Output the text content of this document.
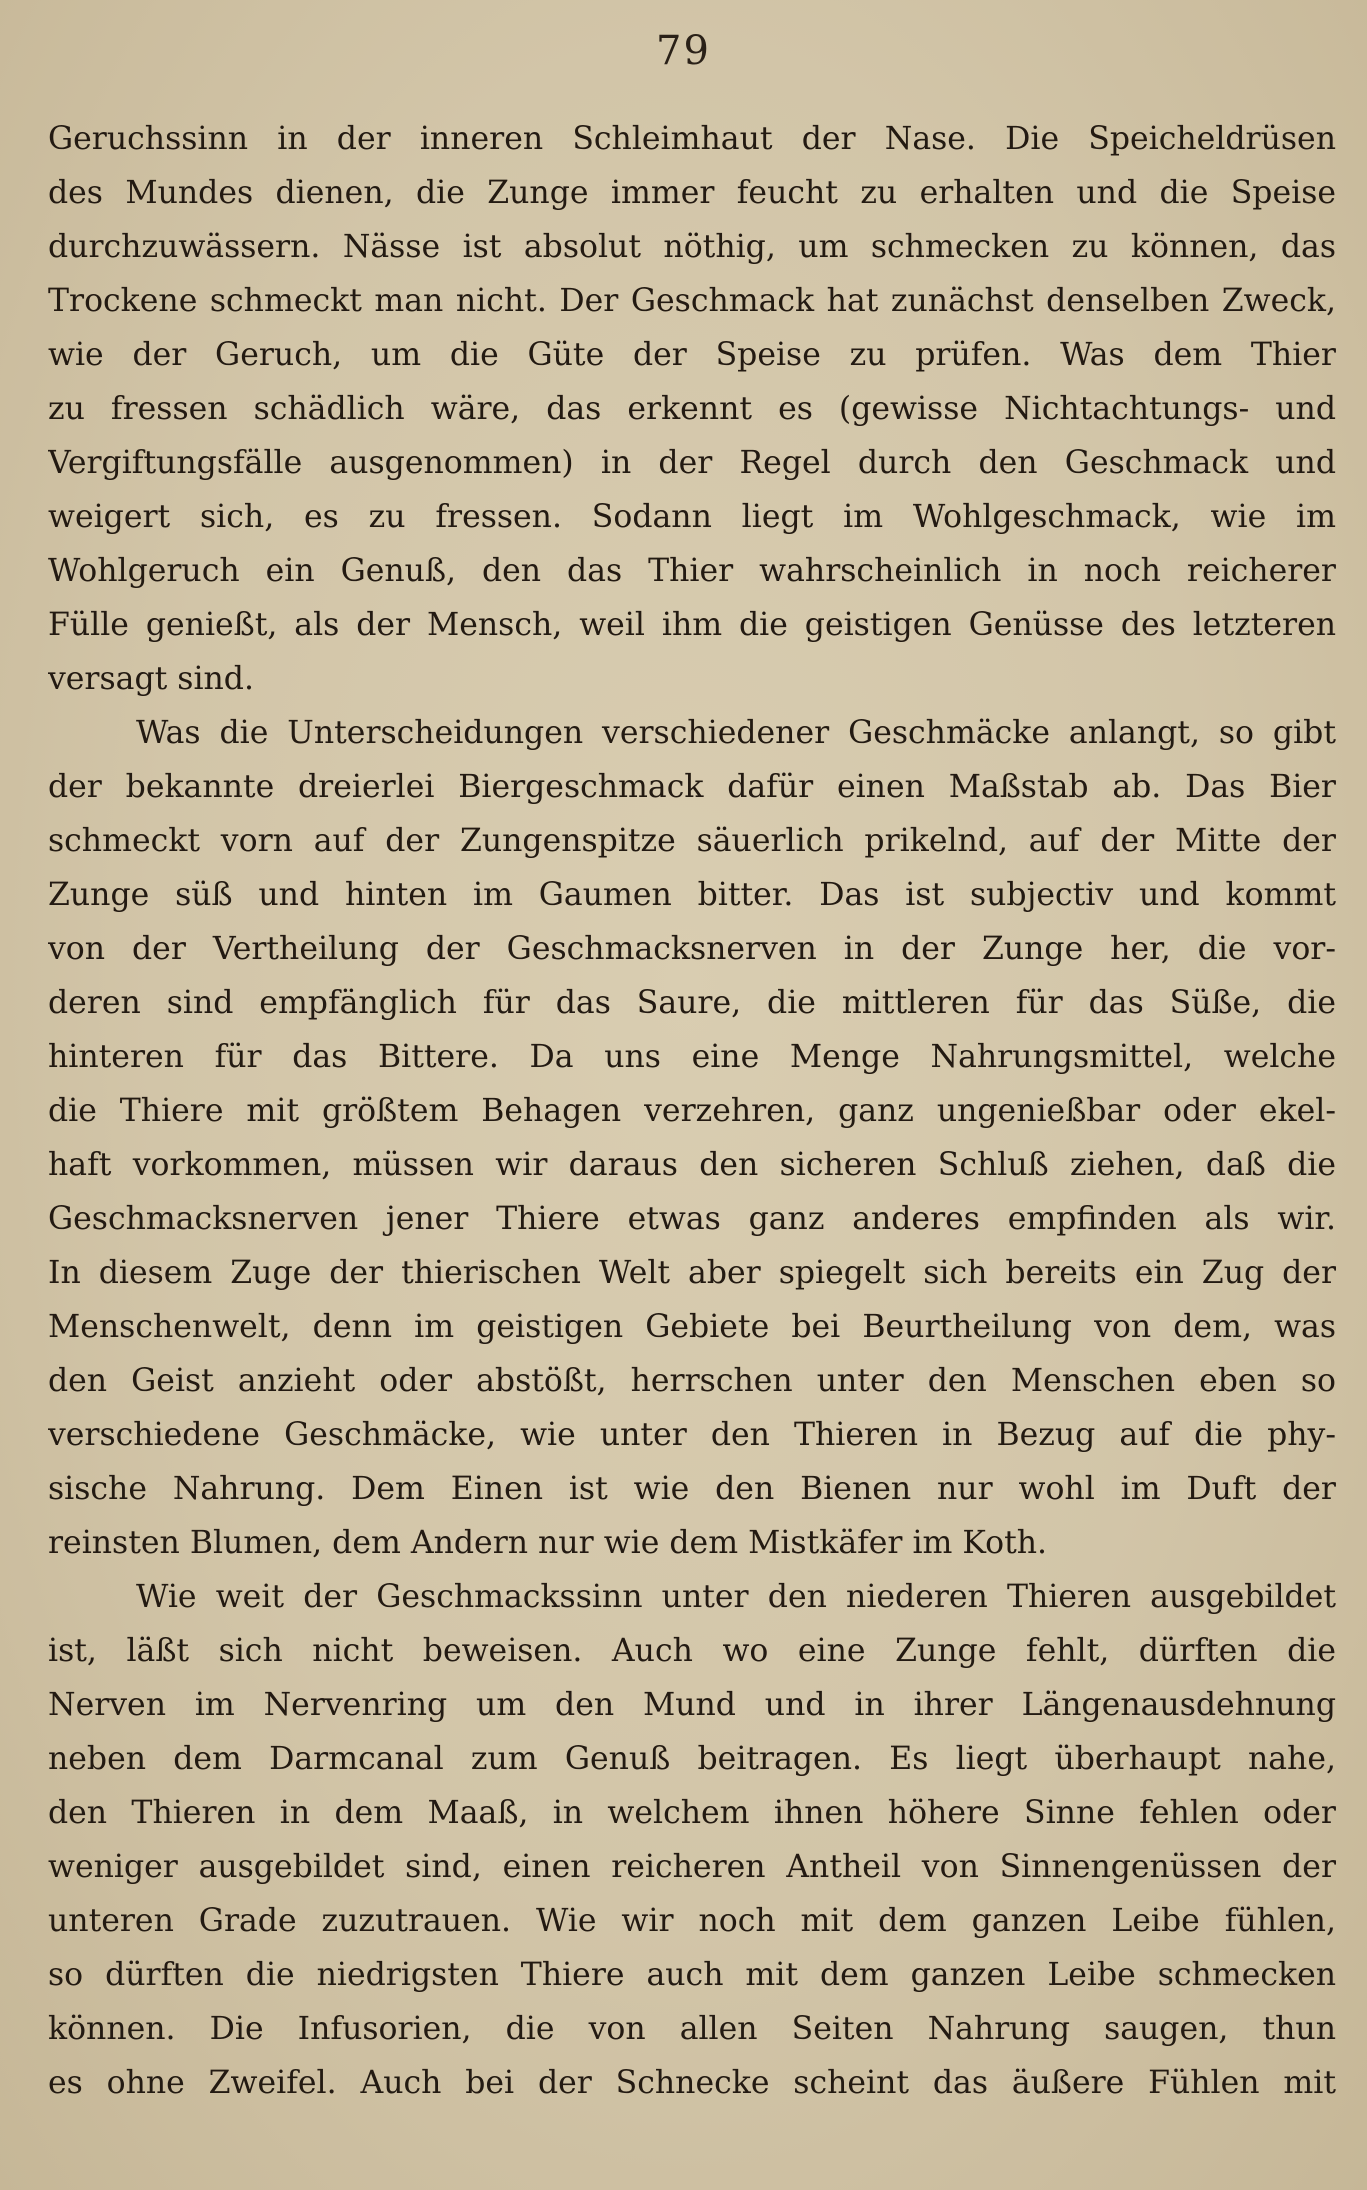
79
Geruchssinn in der inneren Schleimhaut der Nase. Die Speicheldrüsen
des Mundes dienen, die Zunge immer feucht zu erhalten und die Speise
durchzuwässern. Nässe ist absolut nöthig, um schmecken zu können, das
Trockene schmeckt man nicht. Der Geschmack hat zunächst denselben Zweck,
wie der Geruch, um die Güte der Speise zu prüfen. Was dem Thier
zu fressen schädlich wäre, das erkennt es (gewisse Nichtachtungs- und
Vergiftungsfälle ausgenommen) in der Regel durch den Geschmack und
weigert sich, es zu fressen. Sodann liegt im Wohlgeschmack, wie im
Wohlgeruch ein Genuß, den das Thier wahrscheinlich in noch reicherer
Fülle genießt, als der Mensch, weil ihm die geistigen Genüsse des letzteren
versagt sind.
Was die Unterscheidungen verschiedener Geschmäcke anlangt, so gibt
der bekannte dreierlei Biergeschmack dafür einen Maßstab ab. Das Bier
schmeckt vorn auf der Zungenspitze säuerlich prikelnd, auf der Mitte der
Zunge süß und hinten im Gaumen bitter. Das ist subjectiv und kommt
von der Vertheilung der Geschmacksnerven in der Zunge her, die vor-
deren sind empfänglich für das Saure, die mittleren für das Süße, die
hinteren für das Bittere. Da uns eine Menge Nahrungsmittel, welche
die Thiere mit größtem Behagen verzehren, ganz ungenießbar oder ekel-
haft vorkommen, müssen wir daraus den sicheren Schluß ziehen, daß die
Geschmacksnerven jener Thiere etwas ganz anderes empfinden als wir.
In diesem Zuge der thierischen Welt aber spiegelt sich bereits ein Zug der
Menschenwelt, denn im geistigen Gebiete bei Beurtheilung von dem, was
den Geist anzieht oder abstößt, herrschen unter den Menschen eben so
verschiedene Geschmäcke, wie unter den Thieren in Bezug auf die phy-
sische Nahrung. Dem Einen ist wie den Bienen nur wohl im Duft der
reinsten Blumen, dem Andern nur wie dem Mistkäfer im Koth.
Wie weit der Geschmackssinn unter den niederen Thieren ausgebildet
ist, läßt sich nicht beweisen. Auch wo eine Zunge fehlt, dürften die
Nerven im Nervenring um den Mund und in ihrer Längenausdehnung
neben dem Darmcanal zum Genuß beitragen. Es liegt überhaupt nahe,
den Thieren in dem Maaß, in welchem ihnen höhere Sinne fehlen oder
weniger ausgebildet sind, einen reicheren Antheil von Sinnengenüssen der
unteren Grade zuzutrauen. Wie wir noch mit dem ganzen Leibe fühlen,
so dürften die niedrigsten Thiere auch mit dem ganzen Leibe schmecken
können. Die Infusorien, die von allen Seiten Nahrung saugen, thun
es ohne Zweifel. Auch bei der Schnecke scheint das äußere Fühlen mit
